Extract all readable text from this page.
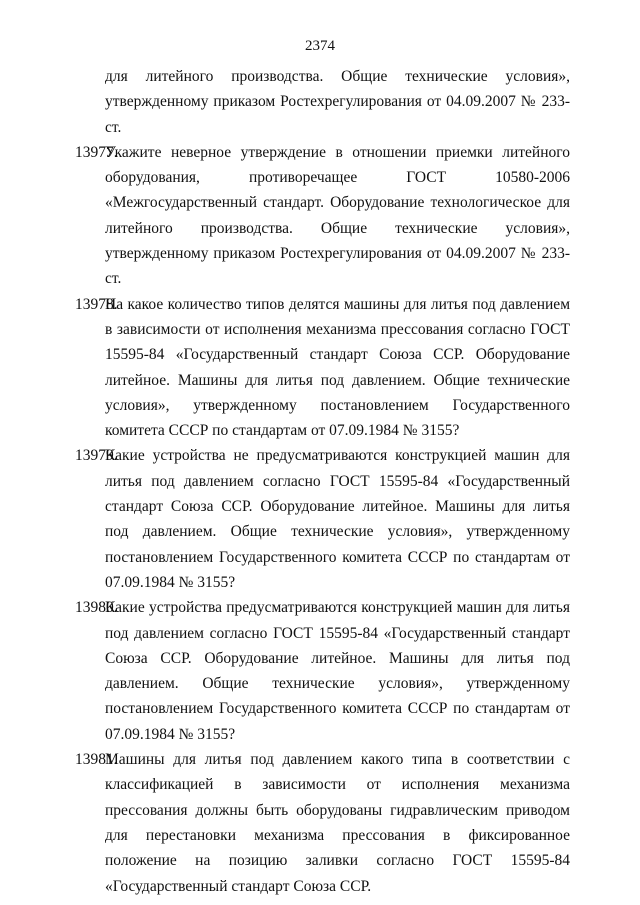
2374
для литейного производства. Общие технические условия», утвержденному приказом Ростехрегулирования от 04.09.2007 № 233-ст.
13977.
Укажите неверное утверждение в отношении приемки литейного оборудования, противоречащее ГОСТ 10580-2006 «Межгосударственный стандарт. Оборудование технологическое для литейного производства. Общие технические условия», утвержденному приказом Ростехрегулирования от 04.09.2007 № 233-ст.
13978.
На какое количество типов делятся машины для литья под давлением в зависимости от исполнения механизма прессования согласно ГОСТ 15595-84 «Государственный стандарт Союза ССР. Оборудование литейное. Машины для литья под давлением. Общие технические условия», утвержденному постановлением Государственного комитета СССР по стандартам от 07.09.1984 № 3155?
13979.
Какие устройства не предусматриваются конструкцией машин для литья под давлением согласно ГОСТ 15595-84 «Государственный стандарт Союза ССР. Оборудование литейное. Машины для литья под давлением. Общие технические условия», утвержденному постановлением Государственного комитета СССР по стандартам от 07.09.1984 № 3155?
13980.
Какие устройства предусматриваются конструкцией машин для литья под давлением согласно ГОСТ 15595-84 «Государственный стандарт Союза ССР. Оборудование литейное. Машины для литья под давлением. Общие технические условия», утвержденному постановлением Государственного комитета СССР по стандартам от 07.09.1984 № 3155?
13981.
Машины для литья под давлением какого типа в соответствии с классификацией в зависимости от исполнения механизма прессования должны быть оборудованы гидравлическим приводом для перестановки механизма прессования в фиксированное положение на позицию заливки согласно ГОСТ 15595-84 «Государственный стандарт Союза ССР.
